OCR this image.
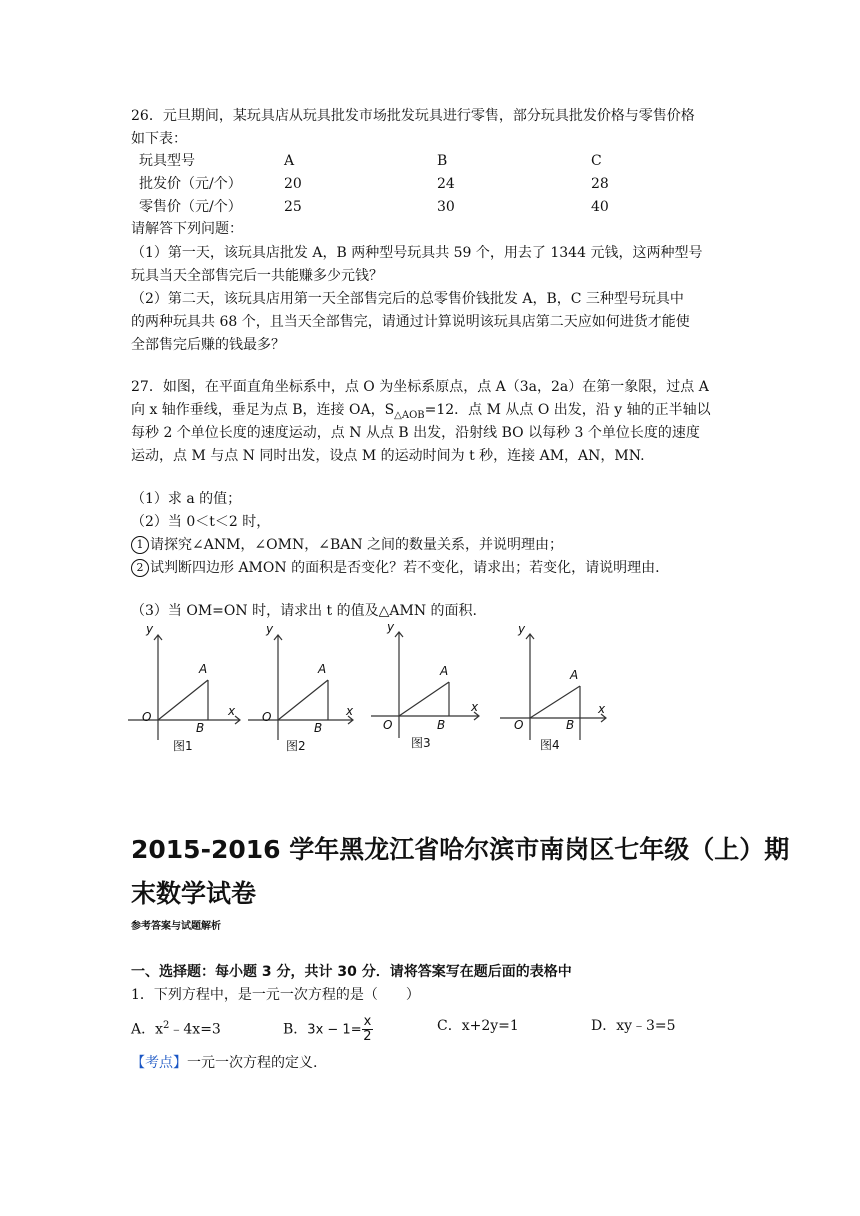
26．元旦期间，某玩具店从玩具批发市场批发玩具进行零售，部分玩具批发价格与零售价格
如下表：
玩具型号	A	B	C
批发价（元/个）	20	24	28
零售价（元/个）	25	30	40
请解答下列问题：
（1）第一天，该玩具店批发 A，B 两种型号玩具共 59 个，用去了 1344 元钱，这两种型号
玩具当天全部售完后一共能赚多少元钱？
（2）第二天，该玩具店用第一天全部售完后的总零售价钱批发 A，B，C 三种型号玩具中
的两种玩具共 68 个，且当天全部售完，请通过计算说明该玩具店第二天应如何进货才能使
全部售完后赚的钱最多？
27．如图，在平面直角坐标系中，点 O 为坐标系原点，点 A（3a，2a）在第一象限，过点 A
向 x 轴作垂线，垂足为点 B，连接 OA，$S_{\triangle AOB}=12$．点 M 从点 O 出发，沿 y 轴的正半轴以
每秒 2 个单位长度的速度运动，点 N 从点 B 出发，沿射线 BO 以每秒 3 个单位长度的速度
运动，点 M 与点 N 同时出发，设点 M 的运动时间为 t 秒，连接 AM，AN，MN.
（1）求 a 的值；
（2）当 0＜t＜2 时，
1 请探究∠ANM，∠OMN，∠BAN 之间的数量关系，并说明理由；
2 试判断四边形 AMON 的面积是否变化？若不变化，请求出；若变化，请说明理由.
（3）当 OM=ON 时，请求出 t 的值及△AMN 的面积.
y
x
O
A
B
图1
y
x
O
A
B
图2
y
x
O
A
B
图3
y
x
O
A
B
图4
2015-2016 学年黑龙江省哈尔滨市南岗区七年级（上）期
末数学试卷
参考答案与试题解析
一、选择题：每小题 3 分，共计 30 分．请将答案写在题后面的表格中
1．下列方程中，是一元一次方程的是（　　）
A．$x^2﹣4x=3$	B．$3x - 1= \frac{x}{2}$	C．x+2y=1	D．xy﹣3=5
【考点】一元一次方程的定义.
